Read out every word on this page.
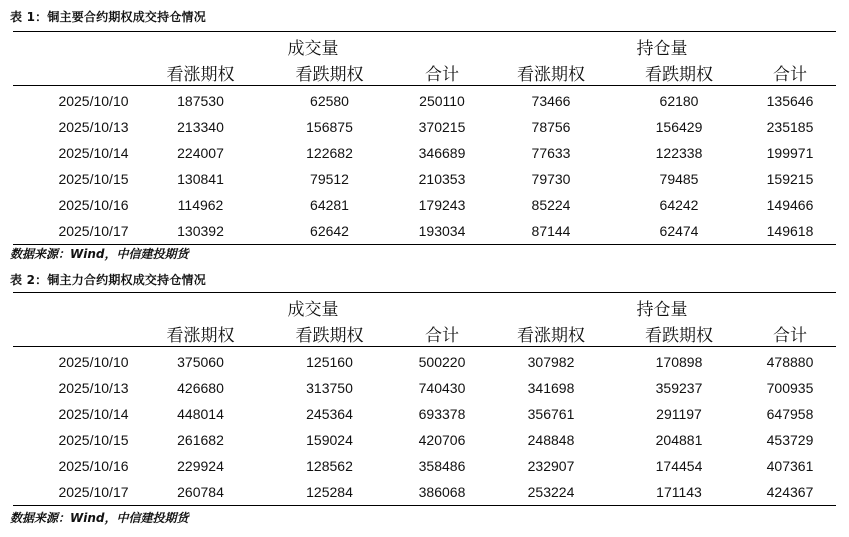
表 1：铜主要合约期权成交持仓情况
	成交量			持仓量		
	看涨期权	看跌期权	合计	看涨期权	看跌期权	合计
2025/10/10	187530	62580	250110	73466	62180	135646
2025/10/13	213340	156875	370215	78756	156429	235185
2025/10/14	224007	122682	346689	77633	122338	199971
2025/10/15	130841	79512	210353	79730	79485	159215
2025/10/16	114962	64281	179243	85224	64242	149466
2025/10/17	130392	62642	193034	87144	62474	149618
数据来源：Wind，中信建投期货
表 2：铜主力合约期权成交持仓情况
	成交量			持仓量		
	看涨期权	看跌期权	合计	看涨期权	看跌期权	合计
2025/10/10	375060	125160	500220	307982	170898	478880
2025/10/13	426680	313750	740430	341698	359237	700935
2025/10/14	448014	245364	693378	356761	291197	647958
2025/10/15	261682	159024	420706	248848	204881	453729
2025/10/16	229924	128562	358486	232907	174454	407361
2025/10/17	260784	125284	386068	253224	171143	424367
数据来源：Wind，中信建投期货
